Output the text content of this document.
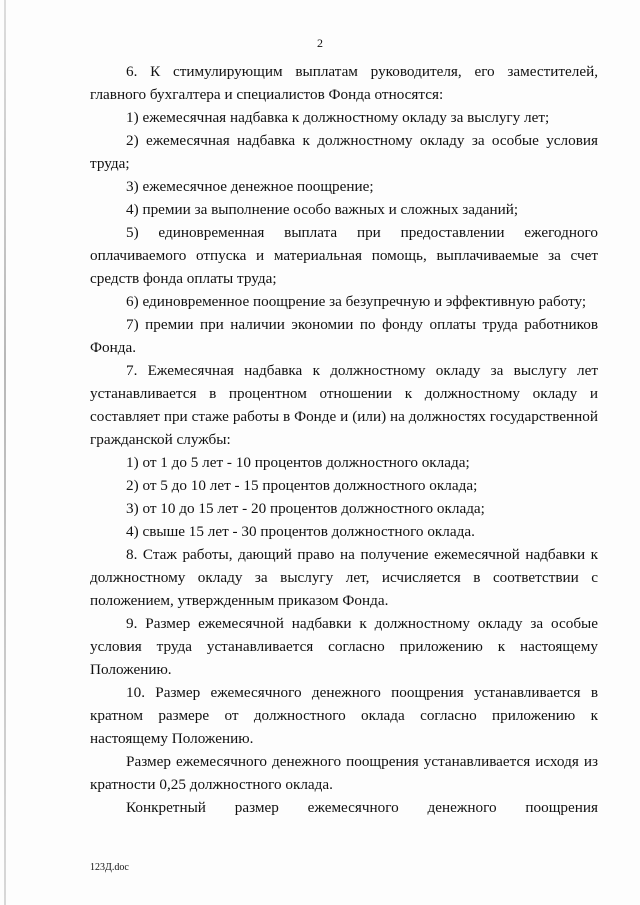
2

6. К стимулирующим выплатам руководителя, его заместителей, главного бухгалтера и специалистов Фонда относятся:

1) ежемесячная надбавка к должностному окладу за выслугу лет;

2) ежемесячная надбавка к должностному окладу за особые условия труда;

3) ежемесячное денежное поощрение;

4) премии за выполнение особо важных и сложных заданий;

5) единовременная выплата при предоставлении ежегодного оплачиваемого отпуска и материальная помощь, выплачиваемые за счет средств фонда оплаты труда;

6) единовременное поощрение за безупречную и эффективную работу;

7) премии при наличии экономии по фонду оплаты труда работников Фонда.

7. Ежемесячная надбавка к должностному окладу за выслугу лет устанавливается в процентном отношении к должностному окладу и составляет при стаже работы в Фонде и (или) на должностях государственной гражданской службы:

1) от 1 до 5 лет - 10 процентов должностного оклада;

2) от 5 до 10 лет - 15 процентов должностного оклада;

3) от 10 до 15 лет - 20 процентов должностного оклада;

4) свыше 15 лет - 30 процентов должностного оклада.

8. Стаж работы, дающий право на получение ежемесячной надбавки к должностному окладу за выслугу лет, исчисляется в соответствии с положением, утвержденным приказом Фонда.

9. Размер ежемесячной надбавки к должностному окладу за особые условия труда устанавливается согласно приложению к настоящему Положению.

10. Размер ежемесячного денежного поощрения устанавливается в кратном размере от должностного оклада согласно приложению к настоящему Положению.

Размер ежемесячного денежного поощрения устанавливается исходя из кратности 0,25 должностного оклада.

Конкретный размер ежемесячного денежного поощрения

123Д.doc
